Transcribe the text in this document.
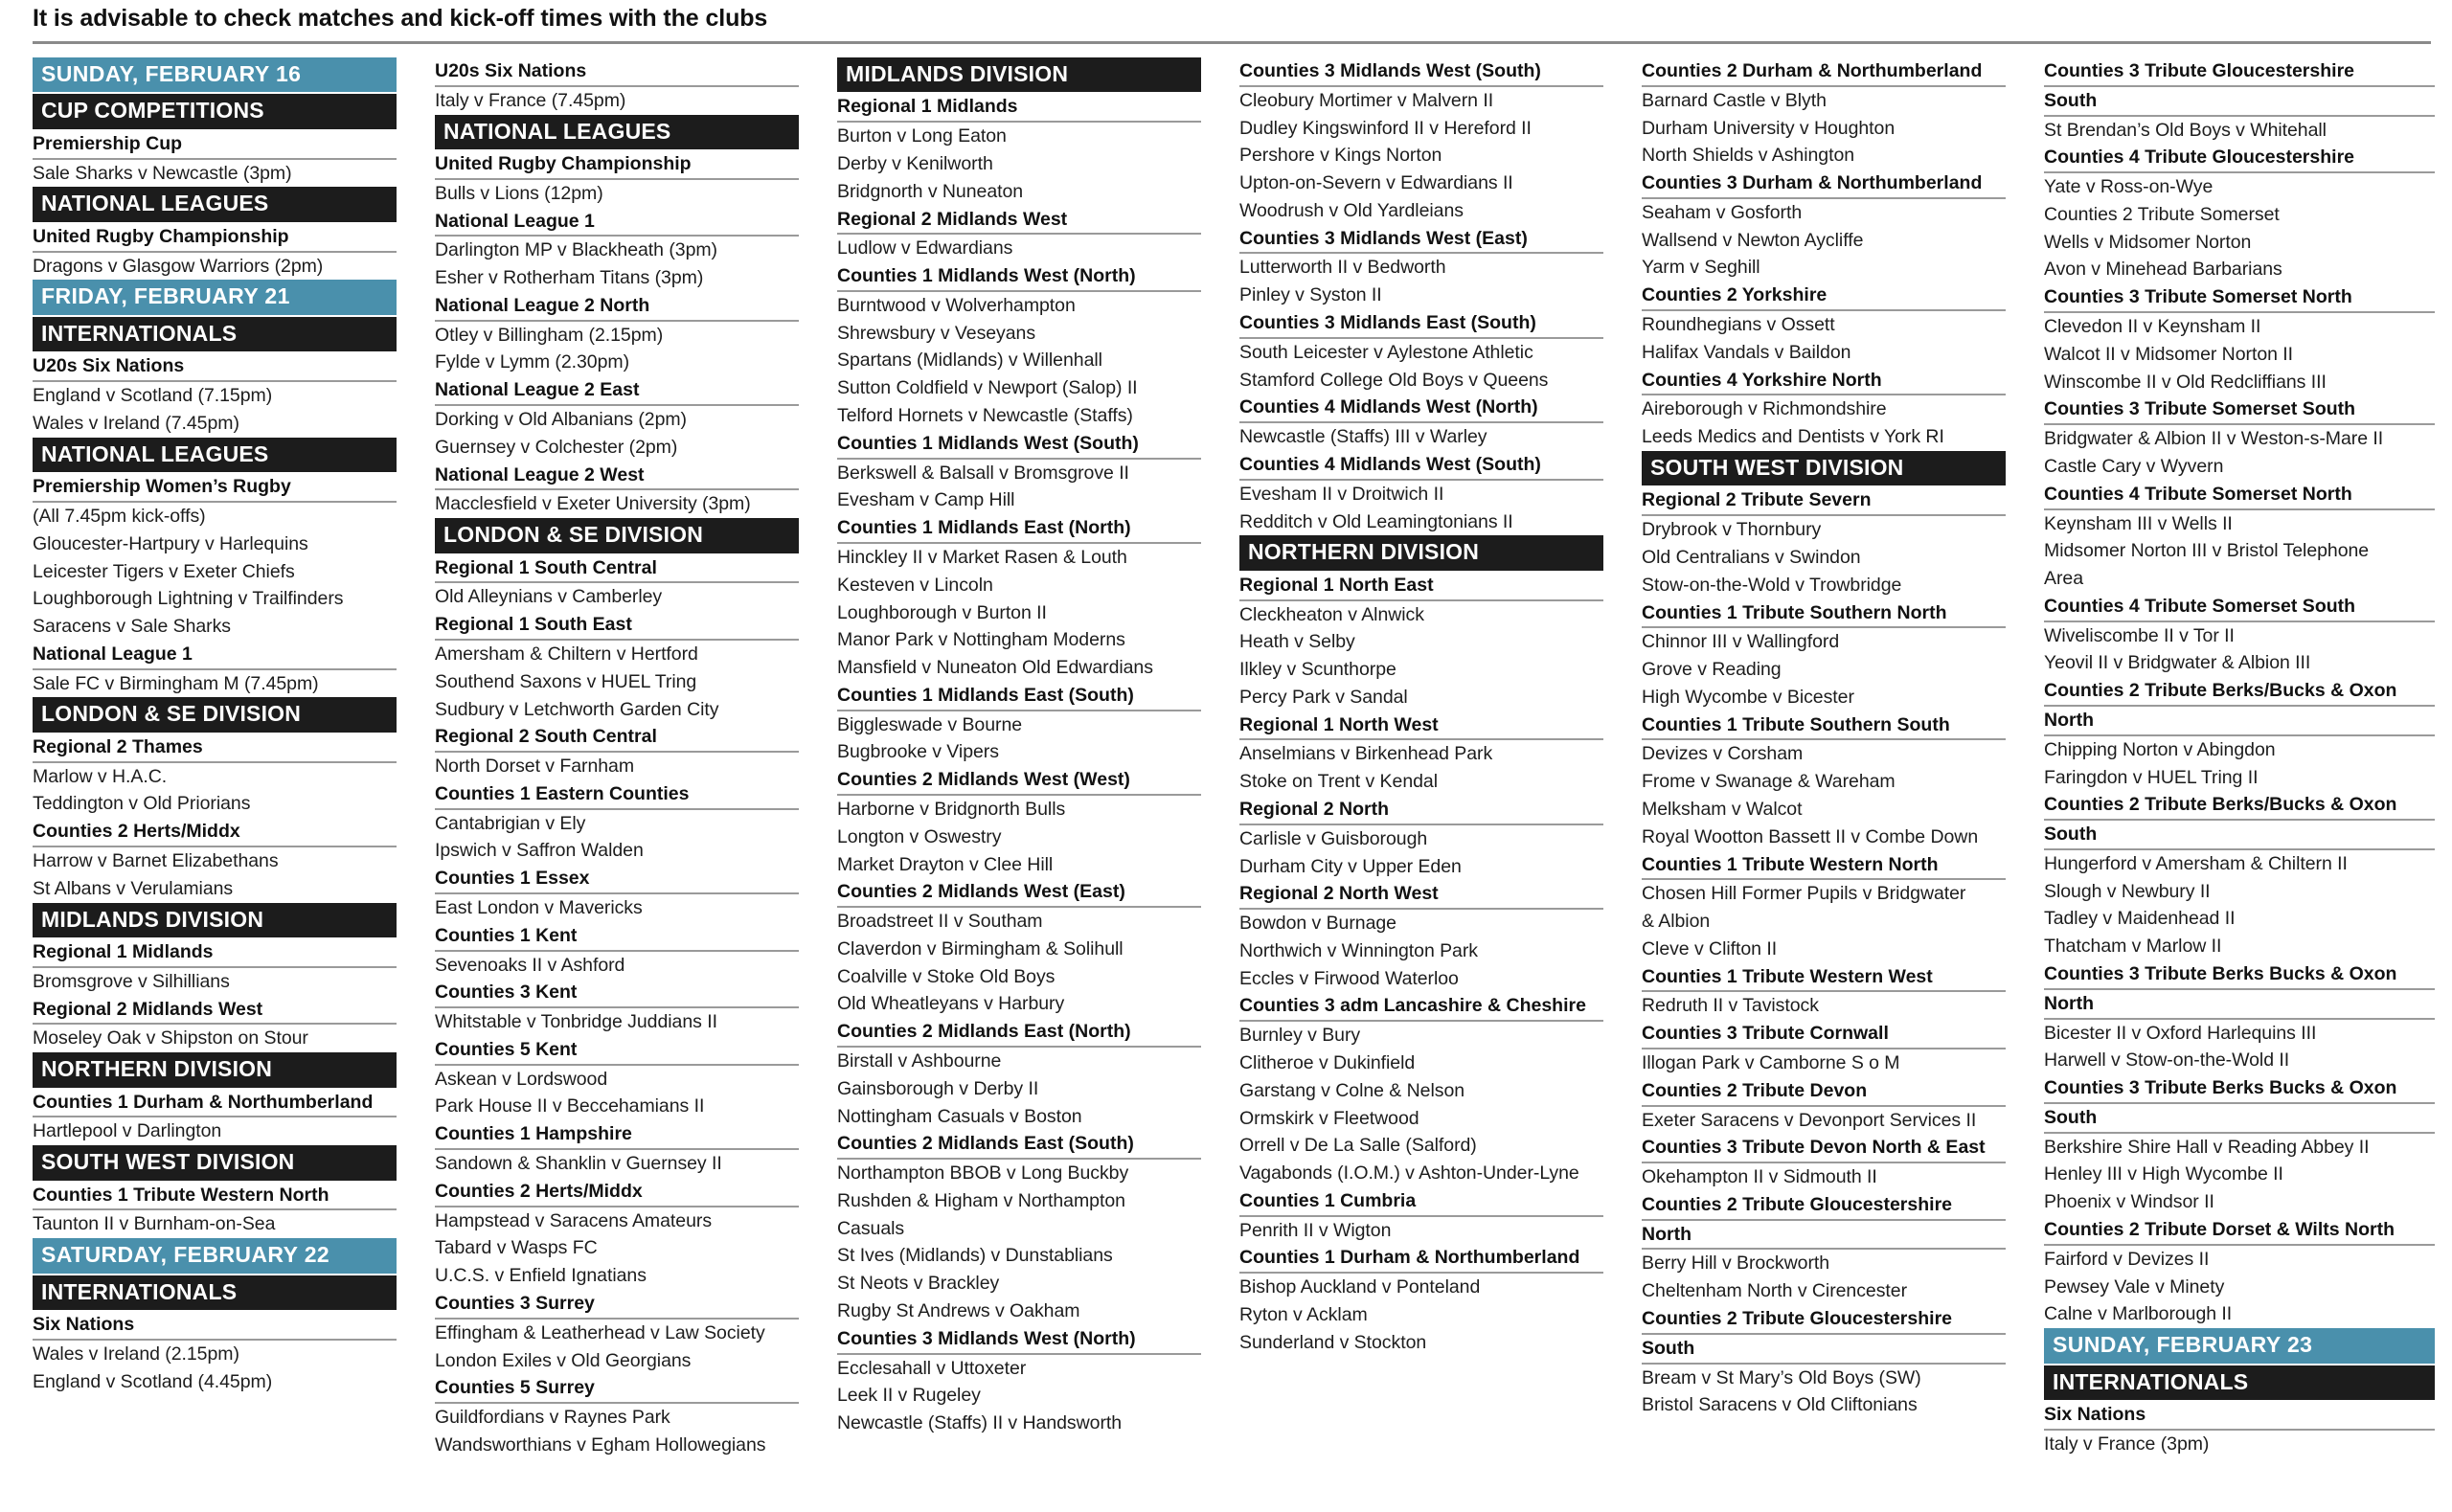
It is advisable to check matches and kick-off times with the clubs
SUNDAY, FEBRUARY 16
CUP COMPETITIONS
Premiership Cup
Sale Sharks v Newcastle (3pm)
NATIONAL LEAGUES
United Rugby Championship
Dragons v Glasgow Warriors (2pm)
FRIDAY, FEBRUARY 21
INTERNATIONALS
U20s Six Nations
England v Scotland (7.15pm)
Wales v Ireland (7.45pm)
NATIONAL LEAGUES
Premiership Women’s Rugby
(All 7.45pm kick-offs)
Gloucester-Hartpury v Harlequins
Leicester Tigers v Exeter Chiefs
Loughborough Lightning v Trailfinders
Saracens v Sale Sharks
National League 1
Sale FC v Birmingham M (7.45pm)
LONDON & SE DIVISION
Regional 2 Thames
Marlow v H.A.C.
Teddington v Old Priorians
Counties 2 Herts/Middx
Harrow v Barnet Elizabethans
St Albans v Verulamians
MIDLANDS DIVISION
Regional 1 Midlands
Bromsgrove v Silhillians
Regional 2 Midlands West
Moseley Oak v Shipston on Stour
NORTHERN DIVISION
Counties 1 Durham & Northumberland
Hartlepool v Darlington
SOUTH WEST DIVISION
Counties 1 Tribute Western North
Taunton II v Burnham-on-Sea
SATURDAY, FEBRUARY 22
INTERNATIONALS
Six Nations
Wales v Ireland (2.15pm)
England v Scotland (4.45pm)
U20s Six Nations
Italy v France (7.45pm)
NATIONAL LEAGUES
United Rugby Championship
Bulls v Lions (12pm)
National League 1
Darlington MP v Blackheath (3pm)
Esher v Rotherham Titans (3pm)
National League 2 North
Otley v Billingham (2.15pm)
Fylde v Lymm (2.30pm)
National League 2 East
Dorking v Old Albanians (2pm)
Guernsey v Colchester (2pm)
National League 2 West
Macclesfield v Exeter University (3pm)
LONDON & SE DIVISION
Regional 1 South Central
Old Alleynians v Camberley
Regional 1 South East
Amersham & Chiltern v Hertford
Southend Saxons v HUEL Tring
Sudbury v Letchworth Garden City
Regional 2 South Central
North Dorset v Farnham
Counties 1 Eastern Counties
Cantabrigian v Ely
Ipswich v Saffron Walden
Counties 1 Essex
East London v Mavericks
Counties 1 Kent
Sevenoaks II v Ashford
Counties 3 Kent
Whitstable v Tonbridge Juddians II
Counties 5 Kent
Askean v Lordswood
Park House II v Beccehamians II
Counties 1 Hampshire
Sandown & Shanklin v Guernsey II
Counties 2 Herts/Middx
Hampstead v Saracens Amateurs
Tabard v Wasps FC
U.C.S. v Enfield Ignatians
Counties 3 Surrey
Effingham & Leatherhead v Law Society
London Exiles v Old Georgians
Counties 5 Surrey
Guildfordians v Raynes Park
Wandsworthians v Egham Hollowegians
MIDLANDS DIVISION
Regional 1 Midlands
Burton v Long Eaton
Derby v Kenilworth
Bridgnorth v Nuneaton
Regional 2 Midlands West
Ludlow v Edwardians
Counties 1 Midlands West (North)
Burntwood v Wolverhampton
Shrewsbury v Veseyans
Spartans (Midlands) v Willenhall
Sutton Coldfield v Newport (Salop) II
Telford Hornets v Newcastle (Staffs)
Counties 1 Midlands West (South)
Berkswell & Balsall v Bromsgrove II
Evesham v Camp Hill
Counties 1 Midlands East (North)
Hinckley II v Market Rasen & Louth
Kesteven v Lincoln
Loughborough v Burton II
Manor Park v Nottingham Moderns
Mansfield v Nuneaton Old Edwardians
Counties 1 Midlands East (South)
Biggleswade v Bourne
Bugbrooke v Vipers
Counties 2 Midlands West (West)
Harborne v Bridgnorth Bulls
Longton v Oswestry
Market Drayton v Clee Hill
Counties 2 Midlands West (East)
Broadstreet II v Southam
Claverdon v Birmingham & Solihull
Coalville v Stoke Old Boys
Old Wheatleyans v Harbury
Counties 2 Midlands East (North)
Birstall v Ashbourne
Gainsborough v Derby II
Nottingham Casuals v Boston
Counties 2 Midlands East (South)
Northampton BBOB v Long Buckby
Rushden & Higham v Northampton
Casuals
St Ives (Midlands) v Dunstablians
St Neots v Brackley
Rugby St Andrews v Oakham
Counties 3 Midlands West (North)
Ecclesahall v Uttoxeter
Leek II v Rugeley
Newcastle (Staffs) II v Handsworth
Counties 3 Midlands West (South)
Cleobury Mortimer v Malvern II
Dudley Kingswinford II v Hereford II
Pershore v Kings Norton
Upton-on-Severn v Edwardians II
Woodrush v Old Yardleians
Counties 3 Midlands West (East)
Lutterworth II v Bedworth
Pinley v Syston II
Counties 3 Midlands East (South)
South Leicester v Aylestone Athletic
Stamford College Old Boys v Queens
Counties 4 Midlands West (North)
Newcastle (Staffs) III v Warley
Counties 4 Midlands West (South)
Evesham II v Droitwich II
Redditch v Old Leamingtonians II
NORTHERN DIVISION
Regional 1 North East
Cleckheaton v Alnwick
Heath v Selby
Ilkley v Scunthorpe
Percy Park v Sandal
Regional 1 North West
Anselmians v Birkenhead Park
Stoke on Trent v Kendal
Regional 2 North
Carlisle v Guisborough
Durham City v Upper Eden
Regional 2 North West
Bowdon v Burnage
Northwich v Winnington Park
Eccles v Firwood Waterloo
Counties 3 adm Lancashire & Cheshire
Burnley v Bury
Clitheroe v Dukinfield
Garstang v Colne & Nelson
Ormskirk v Fleetwood
Orrell v De La Salle (Salford)
Vagabonds (I.O.M.) v Ashton-Under-Lyne
Counties 1 Cumbria
Penrith II v Wigton
Counties 1 Durham & Northumberland
Bishop Auckland v Ponteland
Ryton v Acklam
Sunderland v Stockton
Counties 2 Durham & Northumberland
Barnard Castle v Blyth
Durham University v Houghton
North Shields v Ashington
Counties 3 Durham & Northumberland
Seaham v Gosforth
Wallsend v Newton Aycliffe
Yarm v Seghill
Counties 2 Yorkshire
Roundhegians v Ossett
Halifax Vandals v Baildon
Counties 4 Yorkshire North
Aireborough v Richmondshire
Leeds Medics and Dentists v York RI
SOUTH WEST DIVISION
Regional 2 Tribute Severn
Drybrook v Thornbury
Old Centralians v Swindon
Stow-on-the-Wold v Trowbridge
Counties 1 Tribute Southern North
Chinnor III v Wallingford
Grove v Reading
High Wycombe v Bicester
Counties 1 Tribute Southern South
Devizes v Corsham
Frome v Swanage & Wareham
Melksham v Walcot
Royal Wootton Bassett II v Combe Down
Counties 1 Tribute Western North
Chosen Hill Former Pupils v Bridgwater
& Albion
Cleve v Clifton II
Counties 1 Tribute Western West
Redruth II v Tavistock
Counties 3 Tribute Cornwall
Illogan Park v Camborne S o M
Counties 2 Tribute Devon
Exeter Saracens v Devonport Services II
Counties 3 Tribute Devon North & East
Okehampton II v Sidmouth II
Counties 2 Tribute Gloucestershire
North
Berry Hill v Brockworth
Cheltenham North v Cirencester
Counties 2 Tribute Gloucestershire
South
Bream v St Mary’s Old Boys (SW)
Bristol Saracens v Old Cliftonians
Counties 3 Tribute Gloucestershire
South
St Brendan’s Old Boys v Whitehall
Counties 4 Tribute Gloucestershire
Yate v Ross-on-Wye
Counties 2 Tribute Somerset
Wells v Midsomer Norton
Avon v Minehead Barbarians
Counties 3 Tribute Somerset North
Clevedon II v Keynsham II
Walcot II v Midsomer Norton II
Winscombe II v Old Redcliffians III
Counties 3 Tribute Somerset South
Bridgwater & Albion II v Weston-s-Mare II
Castle Cary v Wyvern
Counties 4 Tribute Somerset North
Keynsham III v Wells II
Midsomer Norton III v Bristol Telephone
Area
Counties 4 Tribute Somerset South
Wiveliscombe II v Tor II
Yeovil II v Bridgwater & Albion III
Counties 2 Tribute Berks/Bucks & Oxon
North
Chipping Norton v Abingdon
Faringdon v HUEL Tring II
Counties 2 Tribute Berks/Bucks & Oxon
South
Hungerford v Amersham & Chiltern II
Slough v Newbury II
Tadley v Maidenhead II
Thatcham v Marlow II
Counties 3 Tribute Berks Bucks & Oxon
North
Bicester II v Oxford Harlequins III
Harwell v Stow-on-the-Wold II
Counties 3 Tribute Berks Bucks & Oxon
South
Berkshire Shire Hall v Reading Abbey II
Henley III v High Wycombe II
Phoenix v Windsor II
Counties 2 Tribute Dorset & Wilts North
Fairford v Devizes II
Pewsey Vale v Minety
Calne v Marlborough II
SUNDAY, FEBRUARY 23
INTERNATIONALS
Six Nations
Italy v France (3pm)
